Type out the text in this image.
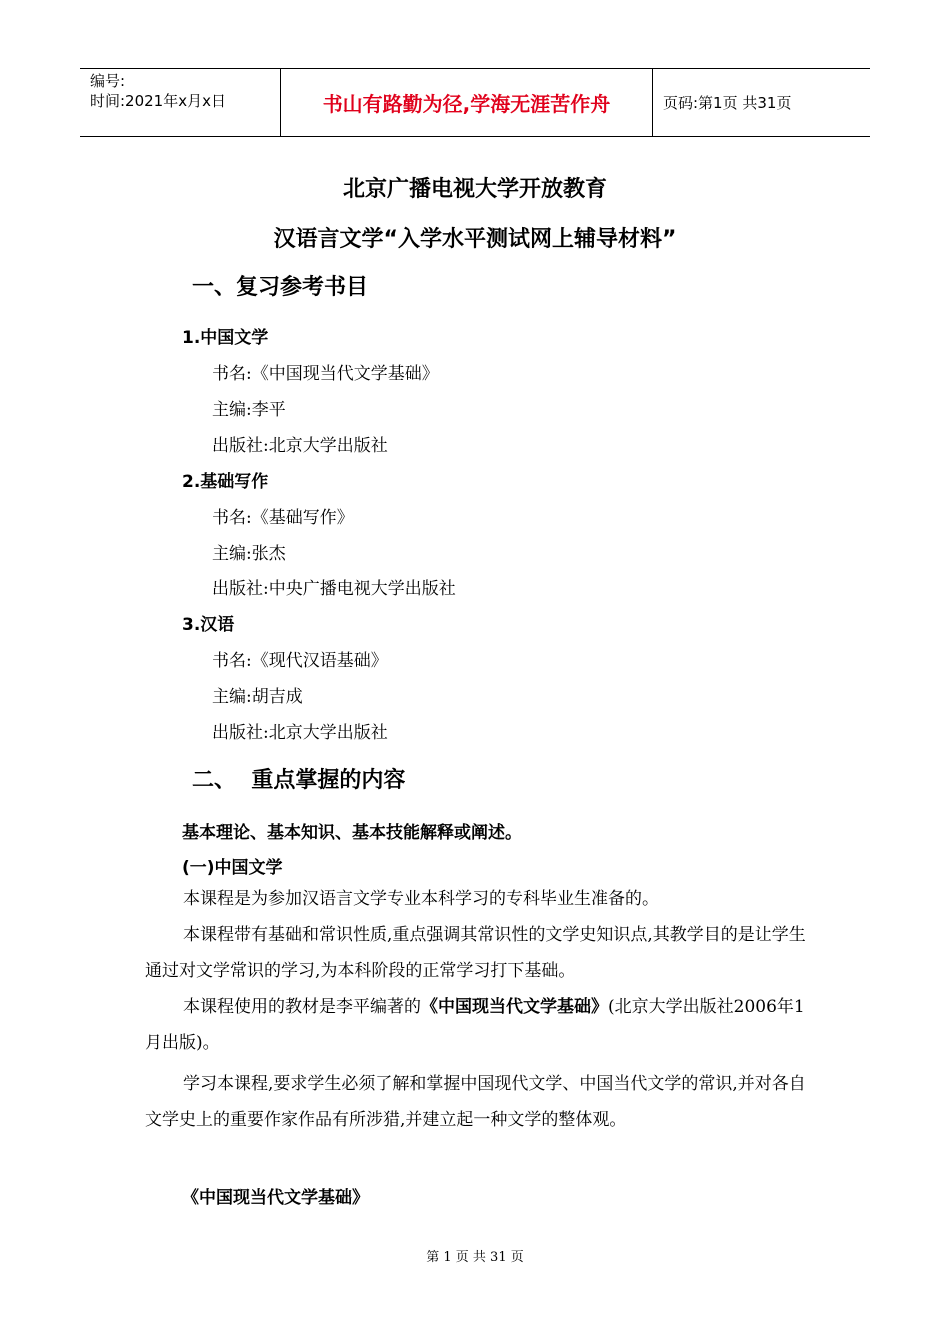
编号:
时间:2021年x月x日	书山有路勤为径,学海无涯苦作舟	页码:第1页 共31页
北京广播电视大学开放教育
汉语言文学“入学水平测试网上辅导材料”
一、复习参考书目
1.中国文学
书名:《中国现当代文学基础》
主编:李平
出版社:北京大学出版社
2.基础写作
书名:《基础写作》
主编:张杰
出版社:中央广播电视大学出版社
3.汉语
书名:《现代汉语基础》
主编:胡吉成
出版社:北京大学出版社
二、  重点掌握的内容
基本理论、基本知识、基本技能解释或阐述。
(一)中国文学
本课程是为参加汉语言文学专业本科学习的专科毕业生准备的。
本课程带有基础和常识性质,重点强调其常识性的文学史知识点,其教学目的是让学生通过对文学常识的学习,为本科阶段的正常学习打下基础。
本课程使用的教材是李平编著的《中国现当代文学基础》(北京大学出版社2006年1月出版)。
学习本课程,要求学生必须了解和掌握中国现代文学、中国当代文学的常识,并对各自文学史上的重要作家作品有所涉猎,并建立起一种文学的整体观。
《中国现当代文学基础》
第 1 页 共 31 页
